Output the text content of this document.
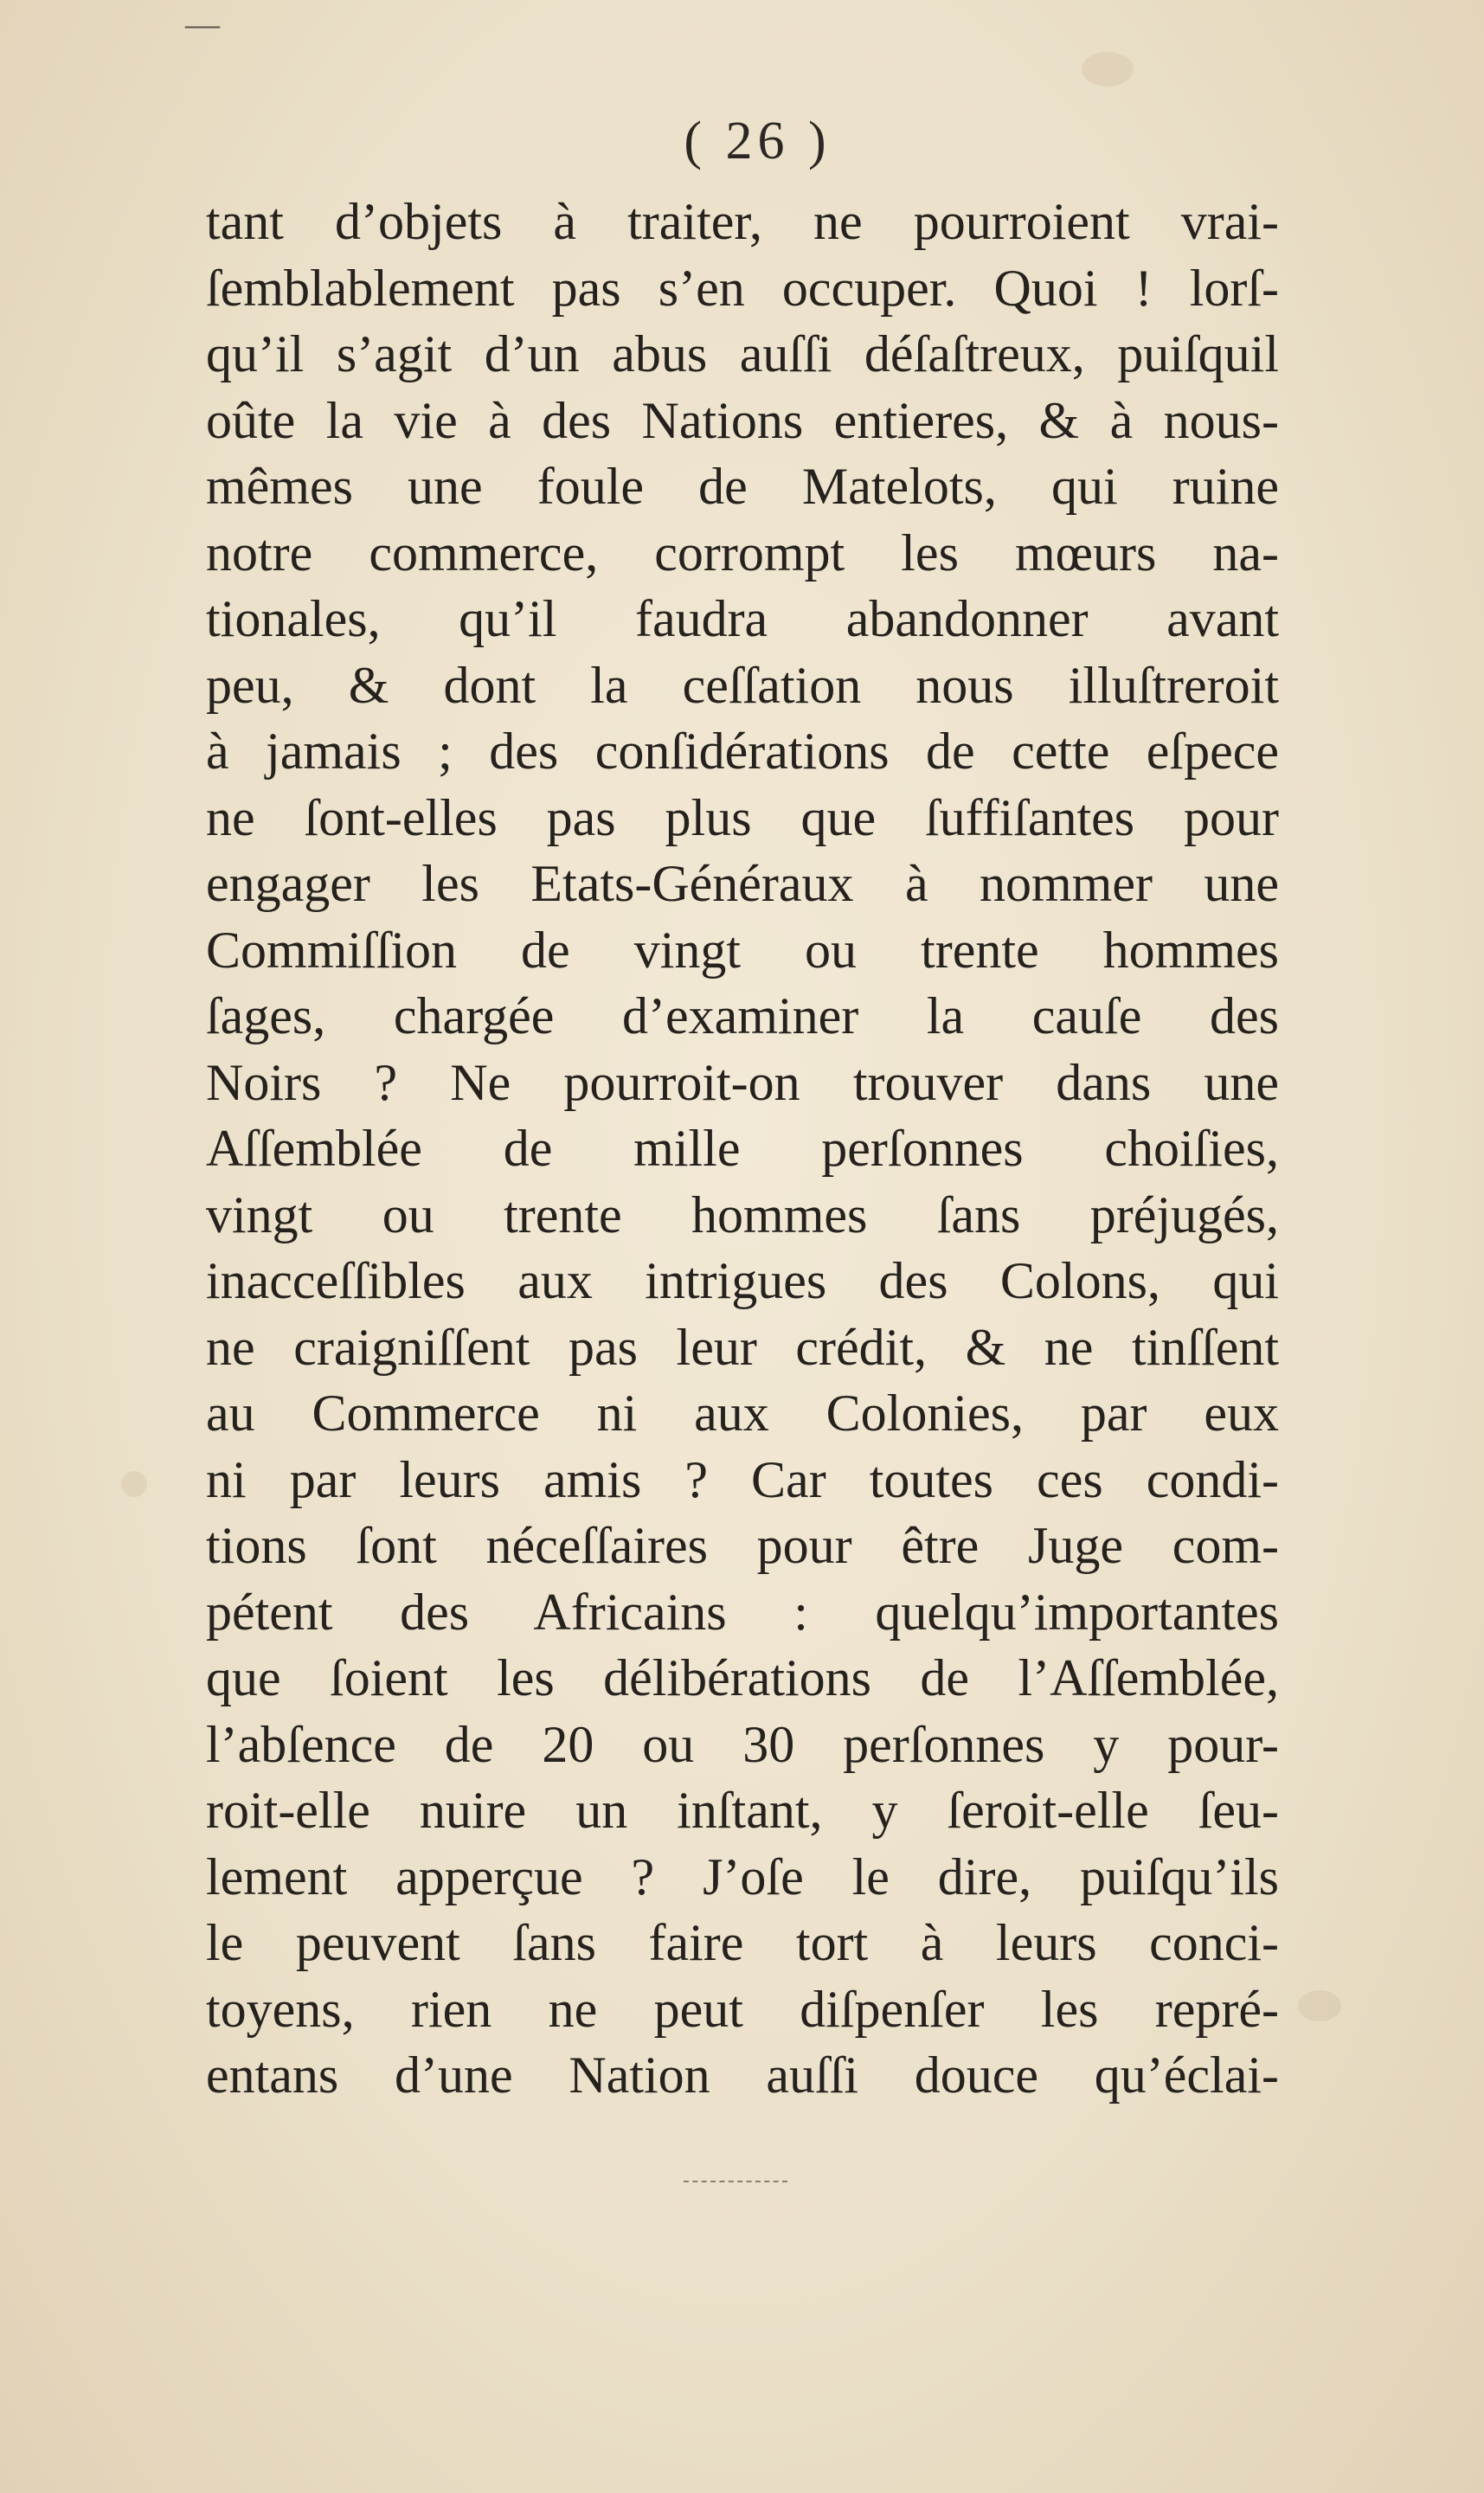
—
( 26 )
tant d’objets à traiter, ne pourroient vrai-
ſemblablement pas s’en occuper. Quoi ! lorſ-
qu’il s’agit d’un abus auſſi déſaſtreux, puiſquil
oûte la vie à des Nations entieres, & à nous-
mêmes une foule de Matelots, qui ruine
notre commerce, corrompt les mœurs na-
tionales, qu’il faudra abandonner avant
peu, & dont la ceſſation nous illuſtreroit
à jamais ; des conſidérations de cette eſpece
ne ſont-elles pas plus que ſuffiſantes pour
engager les Etats-Généraux à nommer une
Commiſſion de vingt ou trente hommes
ſages, chargée d’examiner la cauſe des
Noirs ? Ne pourroit-on trouver dans une
Aſſemblée de mille perſonnes choiſies,
vingt ou trente hommes ſans préjugés,
inacceſſibles aux intrigues des Colons, qui
ne craigniſſent pas leur crédit, & ne tinſſent
au Commerce ni aux Colonies, par eux
ni par leurs amis ? Car toutes ces condi-
tions ſont néceſſaires pour être Juge com-
pétent des Africains : quelqu’importantes
que ſoient les délibérations de l’Aſſemblée,
l’abſence de 20 ou 30 perſonnes y pour-
roit-elle nuire un inſtant, y ſeroit-elle ſeu-
lement apperçue ? J’oſe le dire, puiſqu’ils
le peuvent ſans faire tort à leurs conci-
toyens, rien ne peut diſpenſer les repré-
entans d’une Nation auſſi douce qu’éclai-
